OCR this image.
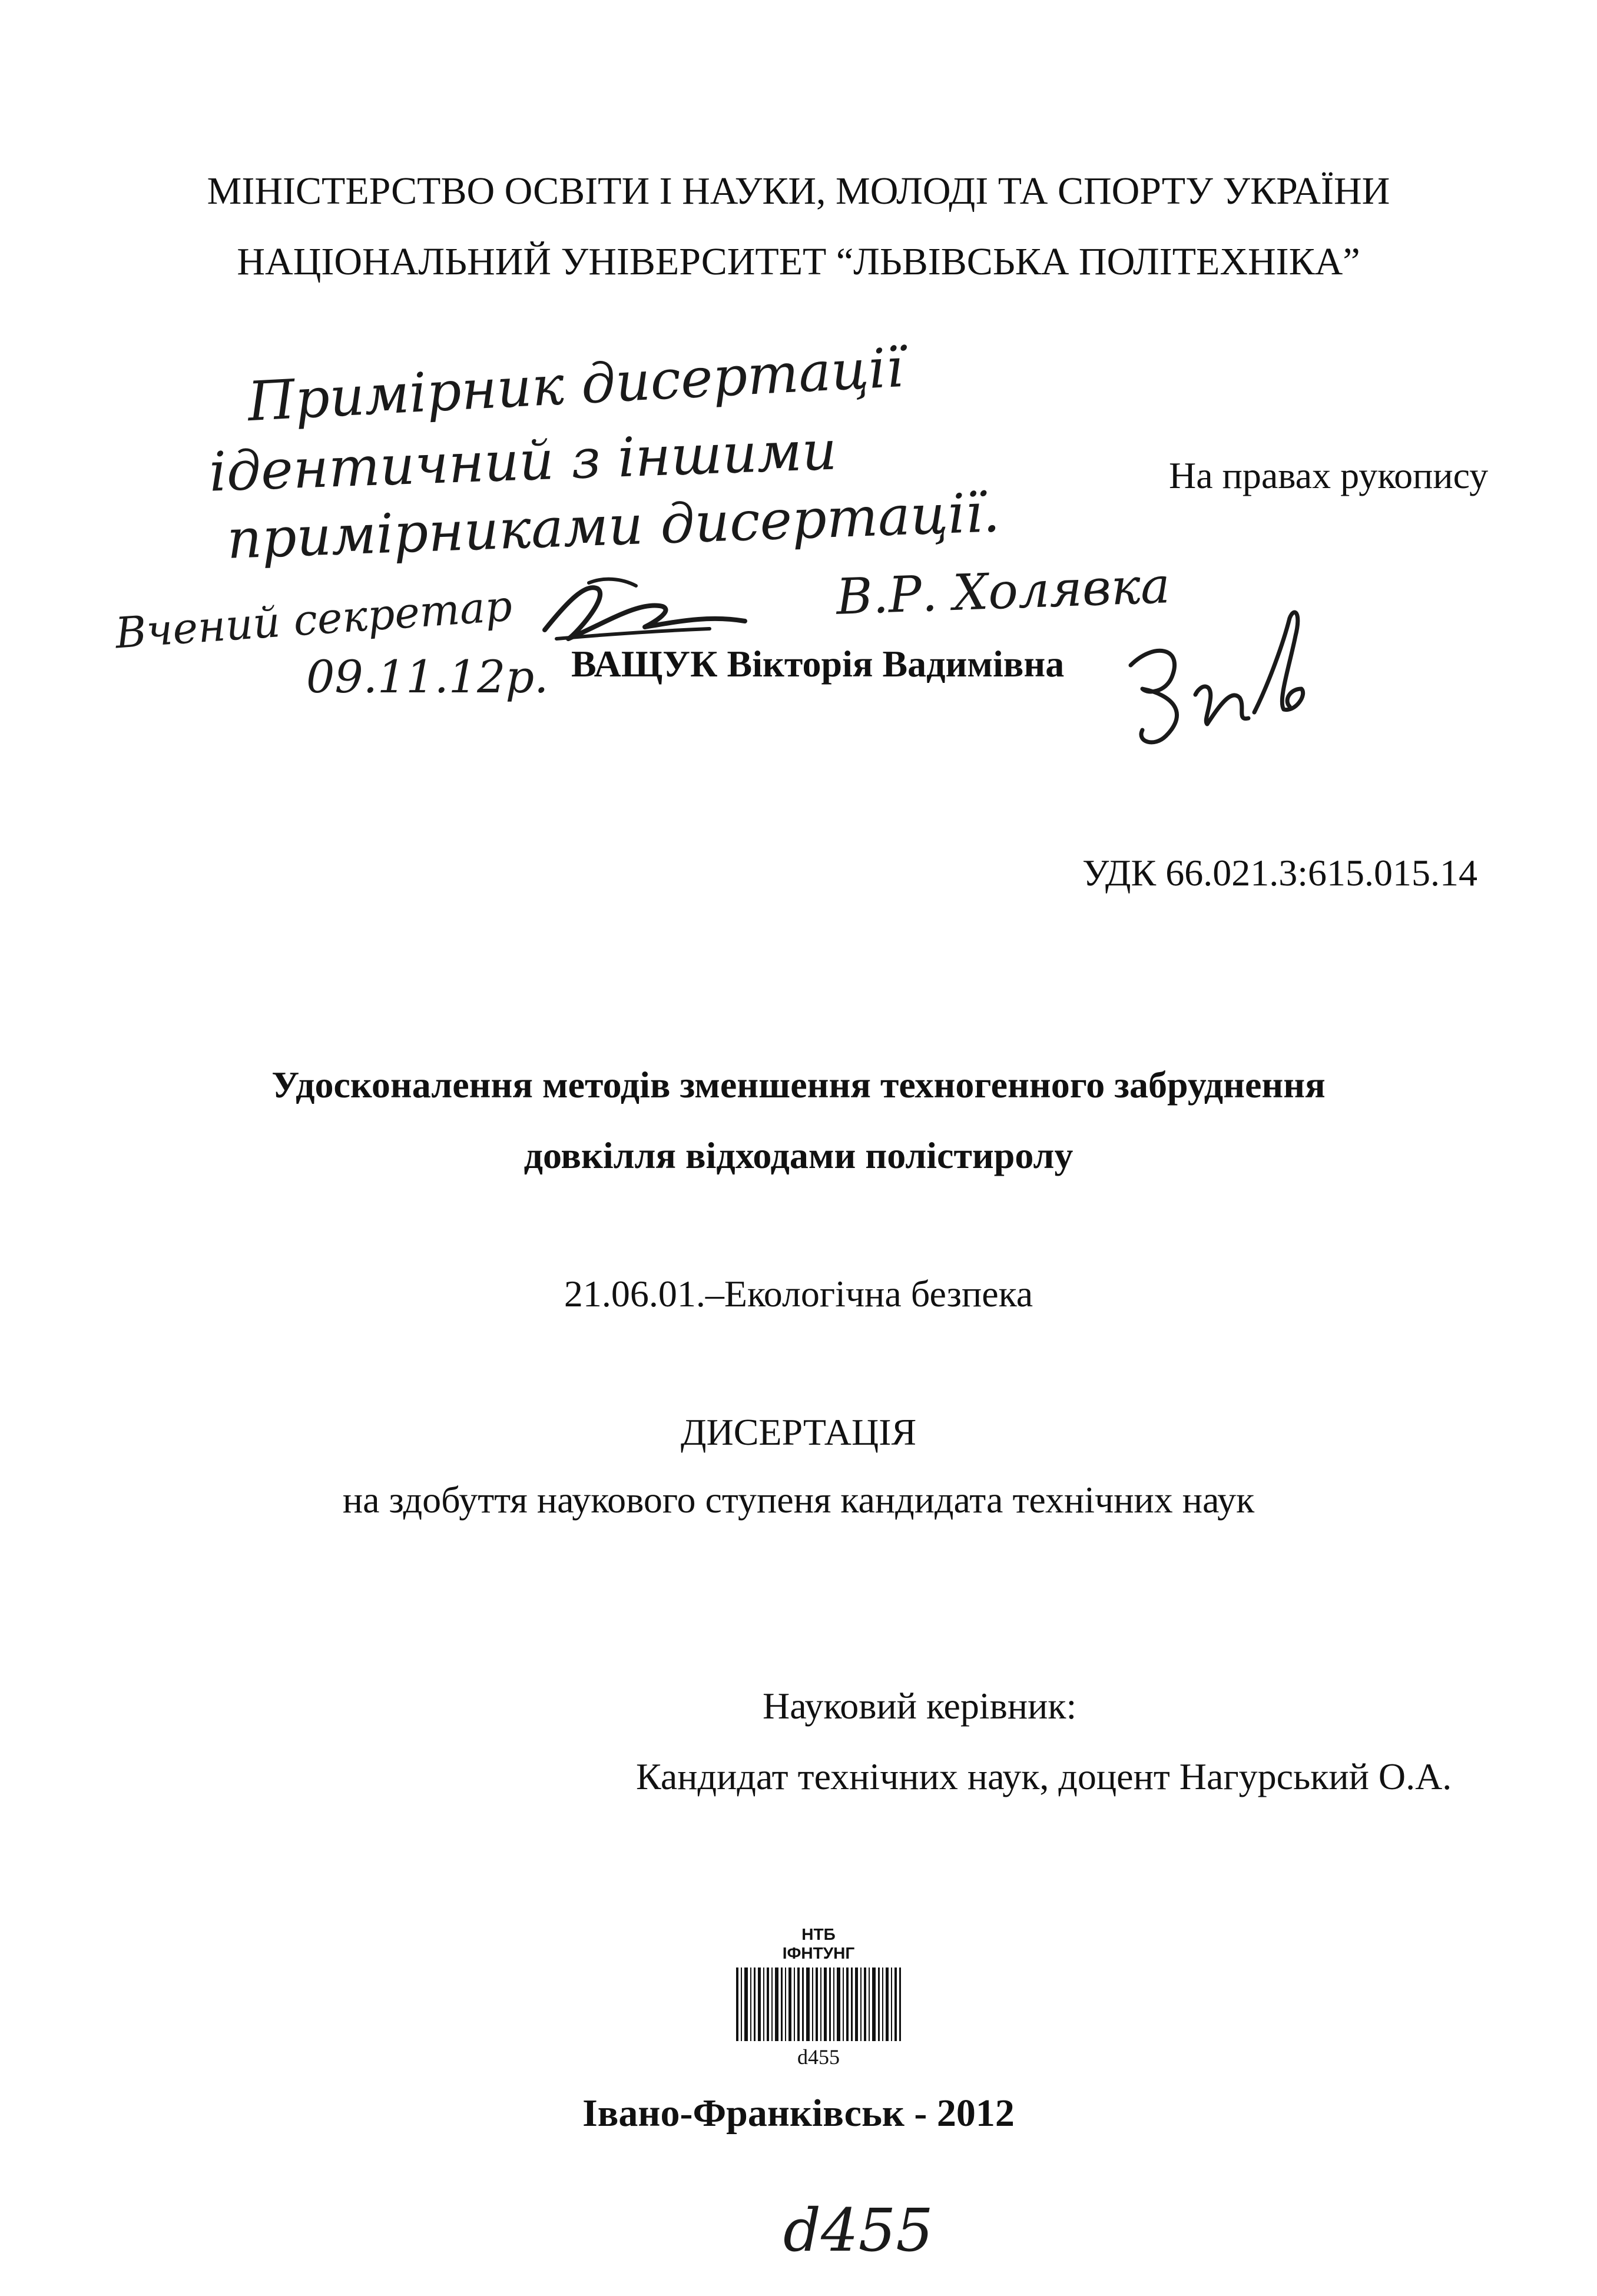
МІНІСТЕРСТВО ОСВІТИ І НАУКИ, МОЛОДІ ТА СПОРТУ УКРАЇНИ
НАЦІОНАЛЬНИЙ УНІВЕРСИТЕТ “ЛЬВІВСЬКА ПОЛІТЕХНІКА”
Примірник дисертації
ідентичний з іншими
примірниками дисертації.
На правах рукопису
Вчений секретар	В.Р. Холявка
09.11.12р. ВАЩУК Вікторія Вадимівна
УДК 66.021.3:615.015.14
Удосконалення методів зменшення техногенного забруднення
довкілля відходами полістиролу
21.06.01.–Екологічна безпека
ДИСЕРТАЦІЯ
на здобуття наукового ступеня кандидата технічних наук
Науковий керівник:
Кандидат технічних наук, доцент Нагурський О.А.
НТБ
ІФНТУНГ
d455
Івано-Франківськ - 2012
d455
